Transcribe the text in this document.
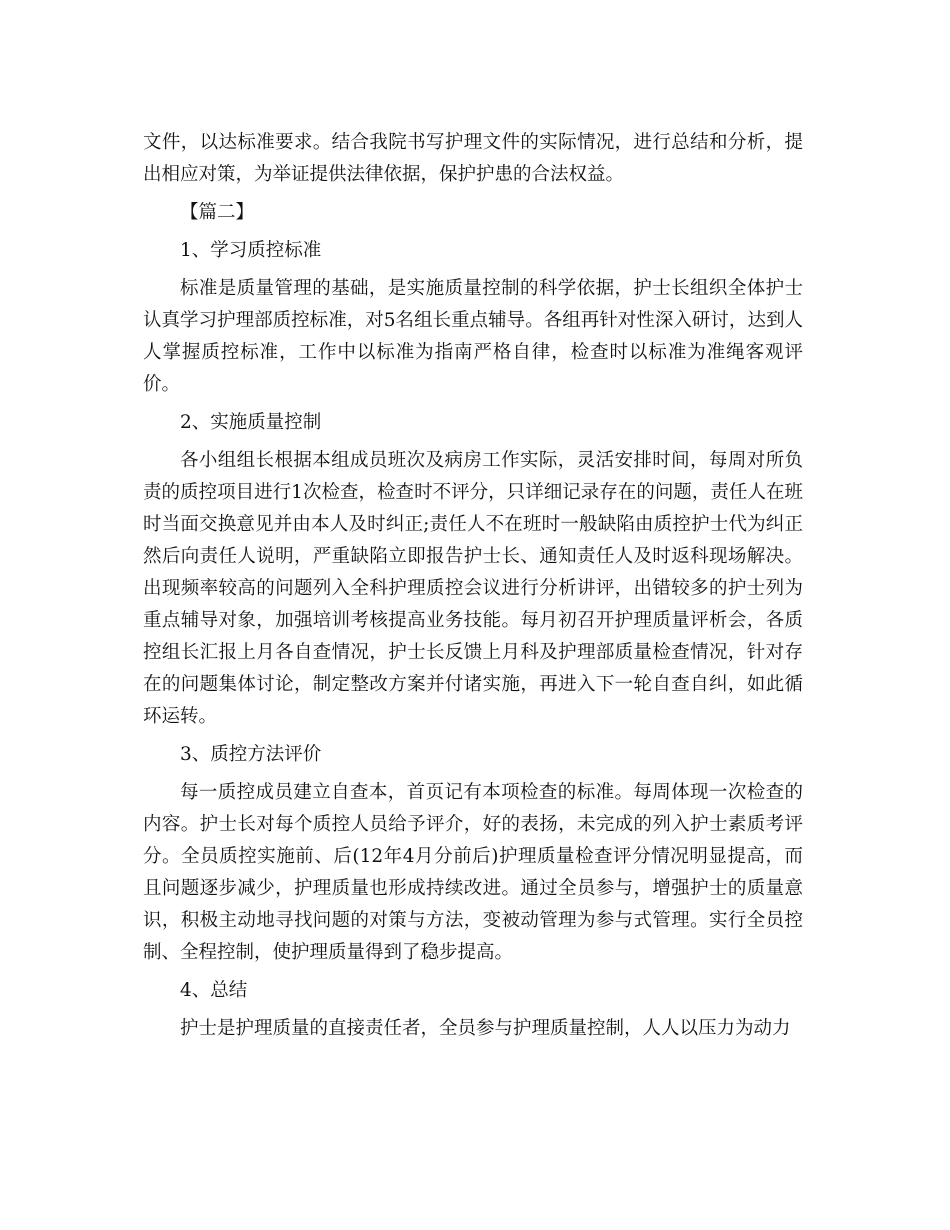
文件，以达标准要求。结合我院书写护理文件的实际情况，进行总结和分析，提出相应对策，为举证提供法律依据，保护护患的合法权益。

【篇二】

1、学习质控标准

标准是质量管理的基础，是实施质量控制的科学依据，护士长组织全体护士认真学习护理部质控标准，对5名组长重点辅导。各组再针对性深入研讨，达到人人掌握质控标准，工作中以标准为指南严格自律，检查时以标准为准绳客观评价。

2、实施质量控制

各小组组长根据本组成员班次及病房工作实际，灵活安排时间，每周对所负责的质控项目进行1次检查，检查时不评分，只详细记录存在的问题，责任人在班时当面交换意见并由本人及时纠正;责任人不在班时一般缺陷由质控护士代为纠正然后向责任人说明，严重缺陷立即报告护士长、通知责任人及时返科现场解决。出现频率较高的问题列入全科护理质控会议进行分析讲评，出错较多的护士列为重点辅导对象，加强培训考核提高业务技能。每月初召开护理质量评析会，各质控组长汇报上月各自查情况，护士长反馈上月科及护理部质量检查情况，针对存在的问题集体讨论，制定整改方案并付诸实施，再进入下一轮自查自纠，如此循环运转。

3、质控方法评价

每一质控成员建立自查本，首页记有本项检查的标准。每周体现一次检查的内容。护士长对每个质控人员给予评介，好的表扬，未完成的列入护士素质考评分。全员质控实施前、后(12年4月分前后)护理质量检查评分情况明显提高，而且问题逐步减少，护理质量也形成持续改进。通过全员参与，增强护士的质量意识，积极主动地寻找问题的对策与方法，变被动管理为参与式管理。实行全员控制、全程控制，使护理质量得到了稳步提高。

4、总结

护士是护理质量的直接责任者，全员参与护理质量控制，人人以压力为动力
